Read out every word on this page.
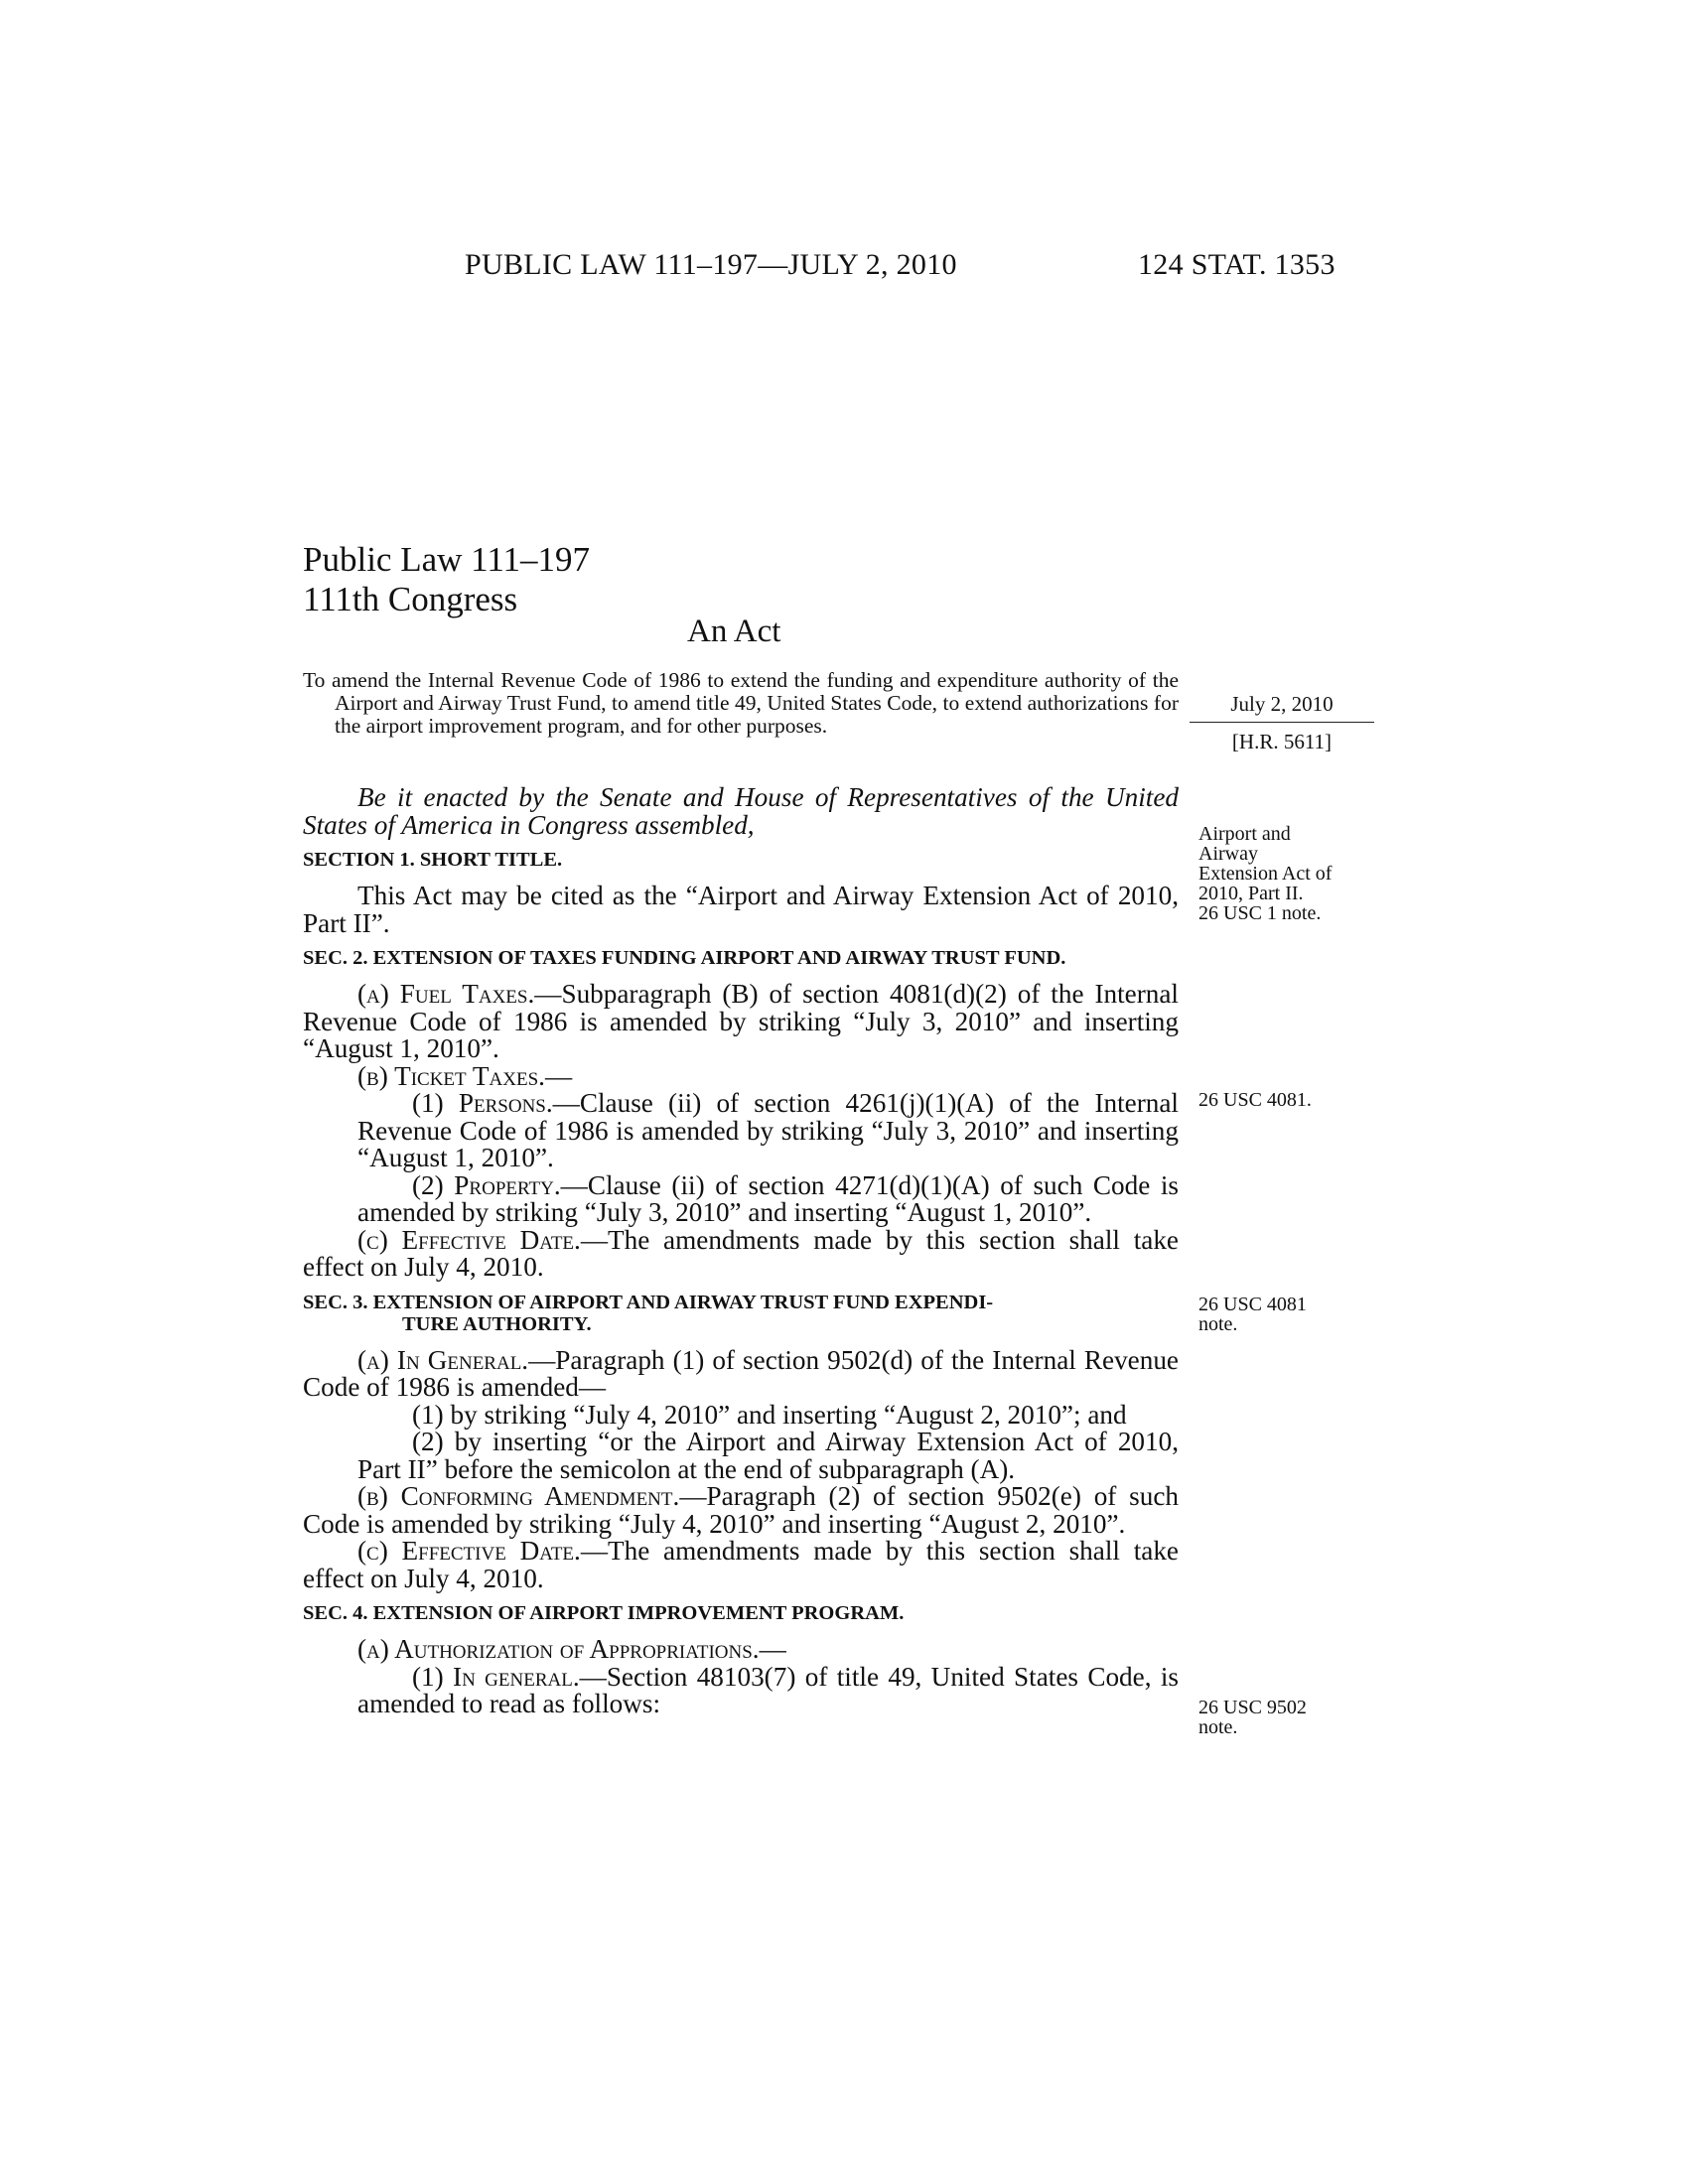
PUBLIC LAW 111–197—JULY 2, 2010	124 STAT. 1353
Public Law 111–197
111th Congress
An Act

To amend the Internal Revenue Code of 1986 to extend the funding and expenditure authority of the Airport and Airway Trust Fund, to amend title 49, United States Code, to extend authorizations for the airport improvement program, and for other purposes.

July 2, 2010
[H.R. 5611]

Be it enacted by the Senate and House of Representatives of the United States of America in Congress assembled,

SECTION 1. SHORT TITLE.

This Act may be cited as the “Airport and Airway Extension Act of 2010, Part II”.

SEC. 2. EXTENSION OF TAXES FUNDING AIRPORT AND AIRWAY TRUST FUND.

(a) Fuel Taxes.—Subparagraph (B) of section 4081(d)(2) of the Internal Revenue Code of 1986 is amended by striking “July 3, 2010” and inserting “August 1, 2010”.

(b) Ticket Taxes.—

(1) Persons.—Clause (ii) of section 4261(j)(1)(A) of the Internal Revenue Code of 1986 is amended by striking “July 3, 2010” and inserting “August 1, 2010”.

(2) Property.—Clause (ii) of section 4271(d)(1)(A) of such Code is amended by striking “July 3, 2010” and inserting “August 1, 2010”.

(c) Effective Date.—The amendments made by this section shall take effect on July 4, 2010.

SEC. 3. EXTENSION OF AIRPORT AND AIRWAY TRUST FUND EXPENDI-
TURE AUTHORITY.

(a) In General.—Paragraph (1) of section 9502(d) of the Internal Revenue Code of 1986 is amended—

(1) by striking “July 4, 2010” and inserting “August 2, 2010”; and

(2) by inserting “or the Airport and Airway Extension Act of 2010, Part II” before the semicolon at the end of subparagraph (A).

(b) Conforming Amendment.—Paragraph (2) of section 9502(e) of such Code is amended by striking “July 4, 2010” and inserting “August 2, 2010”.

(c) Effective Date.—The amendments made by this section shall take effect on July 4, 2010.

SEC. 4. EXTENSION OF AIRPORT IMPROVEMENT PROGRAM.

(a) Authorization of Appropriations.—

(1) In general.—Section 48103(7) of title 49, United States Code, is amended to read as follows:

Airport and
Airway
Extension Act of
2010, Part II.
26 USC 1 note.
26 USC 4081.
26 USC 4081
note.
26 USC 9502
note.
